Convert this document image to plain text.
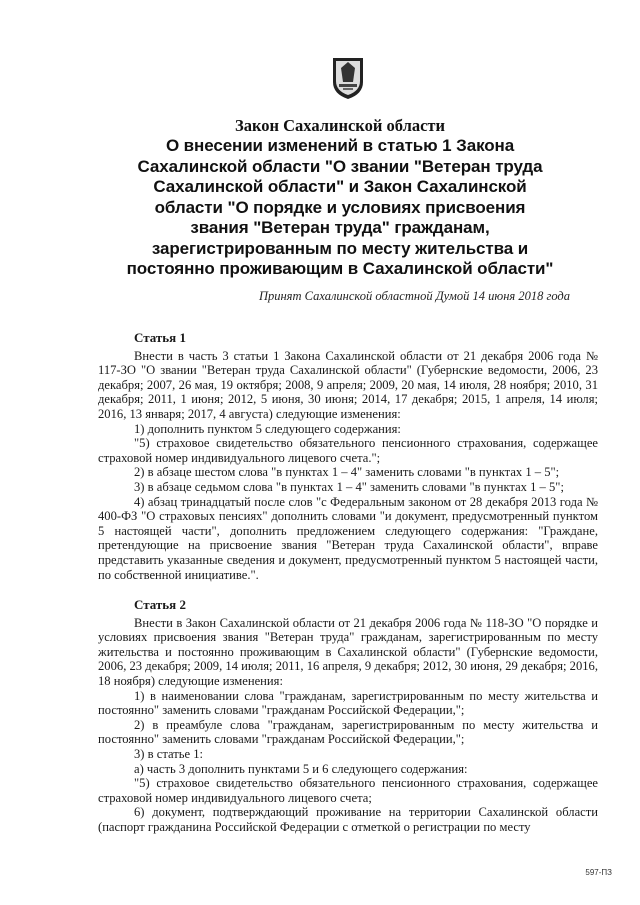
Закон Сахалинской области
О внесении изменений в статью 1 Закона
Сахалинской области "О звании "Ветеран труда
Сахалинской области" и Закон Сахалинской
области "О порядке и условиях присвоения
звания "Ветеран труда" гражданам,
зарегистрированным по месту жительства и
постоянно проживающим в Сахалинской области"
Принят Сахалинской областной Думой 14 июня 2018 года
Статья 1

Внести в часть 3 статьи 1 Закона Сахалинской области от 21 декабря 2006 года № 117-ЗО "О звании "Ветеран труда Сахалинской области" (Губернские ведомости, 2006, 23 декабря; 2007, 26 мая, 19 октября; 2008, 9 апреля; 2009, 20 мая, 14 июля, 28 ноября; 2010, 31 декабря; 2011, 1 июня; 2012, 5 июня, 30 июня; 2014, 17 декабря; 2015, 1 апреля, 14 июля; 2016, 13 января; 2017, 4 августа) следующие изменения:

1) дополнить пунктом 5 следующего содержания:

"5) страховое свидетельство обязательного пенсионного страхования, содержащее страховой номер индивидуального лицевого счета.";

2) в абзаце шестом слова "в пунктах 1 – 4" заменить словами "в пунктах 1 – 5";

3) в абзаце седьмом слова "в пунктах 1 – 4" заменить словами "в пунктах 1 – 5";

4) абзац тринадцатый после слов "с Федеральным законом от 28 декабря 2013 года № 400-ФЗ "О страховых пенсиях" дополнить словами "и документ, предусмотренный пунктом 5 настоящей части", дополнить предложением следующего содержания: "Гражданe, претендующие на присвоение звания "Ветеран труда Сахалинской области", вправе представить указанные сведения и документ, предусмотренный пунктом 5 настоящей части, по собственной инициативе.".

Статья 2

Внести в Закон Сахалинской области от 21 декабря 2006 года № 118-ЗО "О порядке и условиях присвоения звания "Ветеран труда" гражданам, зарегистрированным по месту жительства и постоянно проживающим в Сахалинской области" (Губернские ведомости, 2006, 23 декабря; 2009, 14 июля; 2011, 16 апреля, 9 декабря; 2012, 30 июня, 29 декабря; 2016, 18 ноября) следующие изменения:

1) в наименовании слова "гражданам, зарегистрированным по месту жительства и постоянно" заменить словами "гражданам Российской Федерации,";

2) в преамбуле слова "гражданам, зарегистрированным по месту жительства и постоянно" заменить словами "гражданам Российской Федерации,";

3) в статье 1:

а) часть 3 дополнить пунктами 5 и 6 следующего содержания:

"5) страховое свидетельство обязательного пенсионного страхования, содержащее страховой номер индивидуального лицевого счета;

6) документ, подтверждающий проживание на территории Сахалинской области (паспорт гражданина Российской Федерации с отметкой о регистрации по месту

597-ПЗ
